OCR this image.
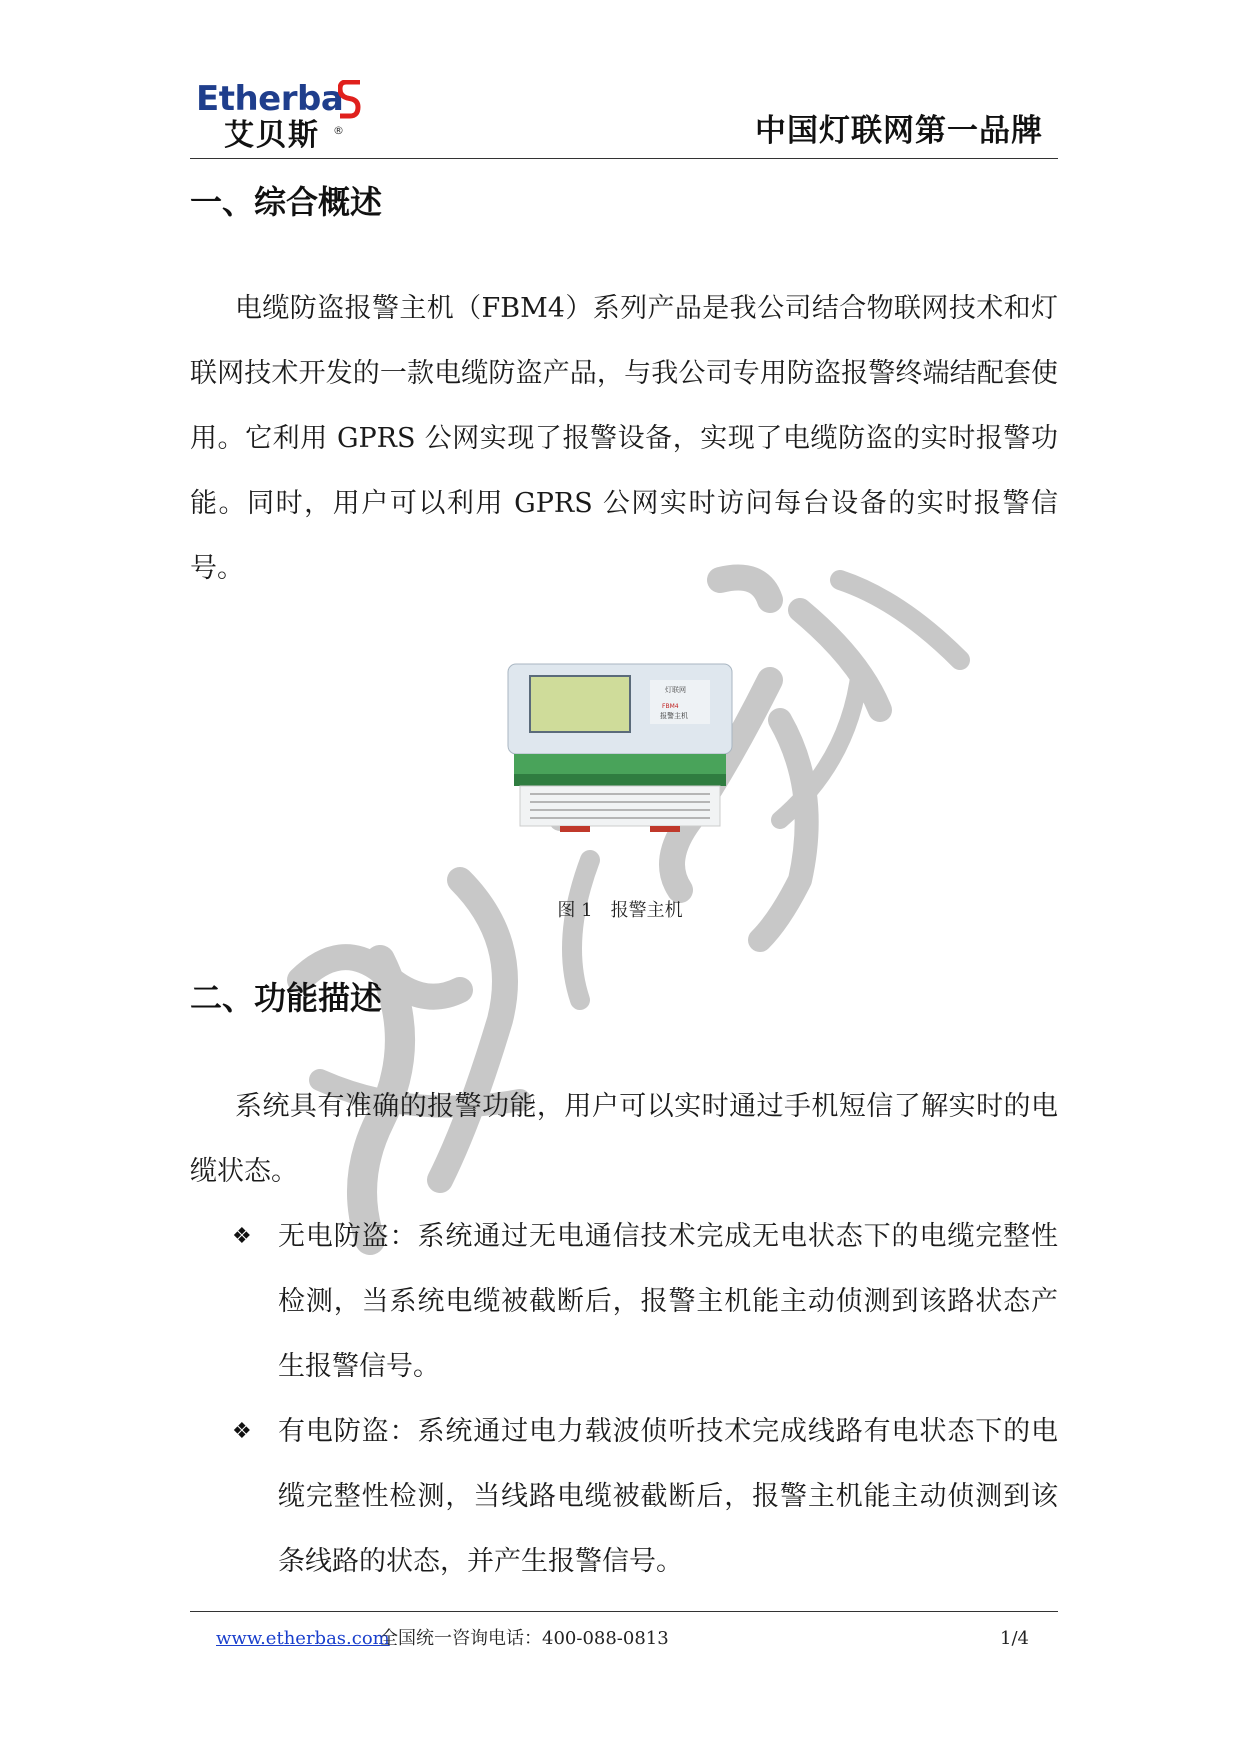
Etherba
艾贝斯 ®	中国灯联网第一品牌
一、综合概述

电缆防盗报警主机（FBM4）系列产品是我公司结合物联网技术和灯联网技术开发的一款电缆防盗产品，与我公司专用防盗报警终端结配套使用。它利用 GPRS 公网实现了报警设备，实现了电缆防盗的实时报警功能。同时，用户可以利用 GPRS 公网实时访问每台设备的实时报警信号。

灯联网
FBM4
报警主机
图 1　报警主机
二、功能描述

系统具有准确的报警功能，用户可以实时通过手机短信了解实时的电缆状态。

❖ 无电防盗：系统通过无电通信技术完成无电状态下的电缆完整性检测，当系统电缆被截断后，报警主机能主动侦测到该路状态产生报警信号。
❖ 有电防盗：系统通过电力载波侦听技术完成线路有电状态下的电缆完整性检测，当线路电缆被截断后，报警主机能主动侦测到该条线路的状态，并产生报警信号。
www.etherbas.com
全国统一咨询电话：400-088-0813	1/4
